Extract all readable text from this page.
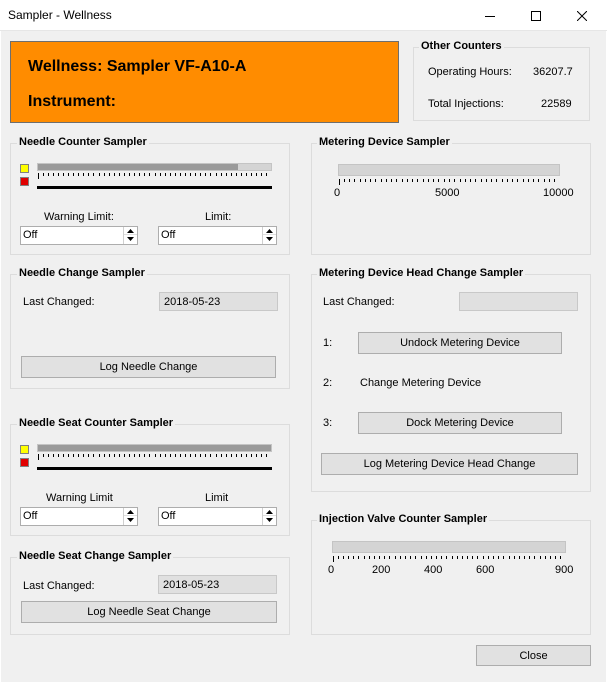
Sampler - Wellness
Wellness: Sampler VF-A10-A
Instrument:
Other Counters
Operating Hours: 36207.7
Total Injections:	22589
Needle Counter Sampler
Warning Limit:	Limit:
Off	Off
Needle Change Sampler
Last Changed:	2018-05-23
Log Needle Change
Needle Seat Counter Sampler
Warning Limit	Limit
Off	Off
Needle Seat Change Sampler
Last Changed:	2018-05-23
Log Needle Seat Change
Metering Device Sampler
0	5000	10000
Metering Device Head Change Sampler
Last Changed:
1:	Undock Metering Device
2:	Change Metering Device
3:	Dock Metering Device
Log Metering Device Head Change
Injection Valve Counter Sampler
0	200	400	600	900
Close
